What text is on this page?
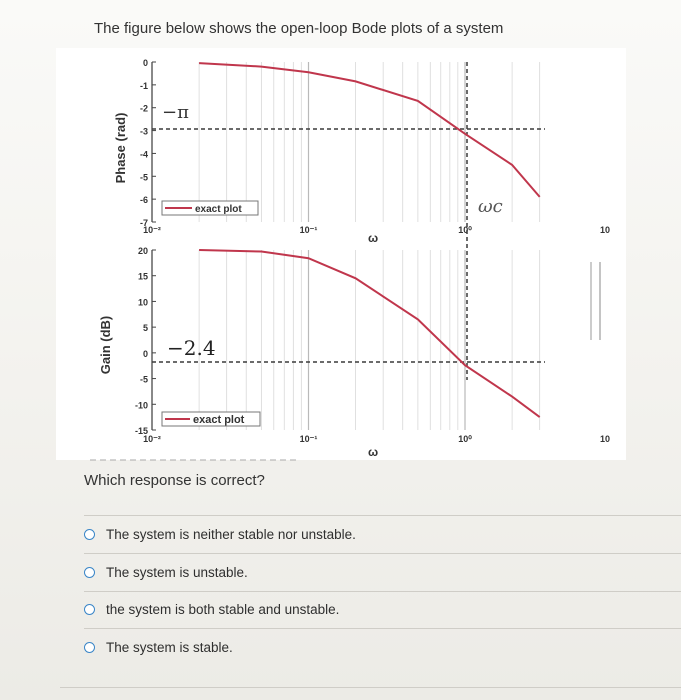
The figure below shows the open-loop Bode plots of a system
Phase (rad)
Gain (dB)
0
-1
-2
-3
-4
-5
-6
-7
20
15
10
5
0
-5
-10
-15
10⁻²	10⁻¹	10⁰	10
10⁻²	10⁻¹	10⁰	10
−π
−2.4
ωc
exact plot
exact plot
ω
ω
Which response is correct?
The system is neither stable nor unstable.
The system is unstable.
the system is both stable and unstable.
The system is stable.
